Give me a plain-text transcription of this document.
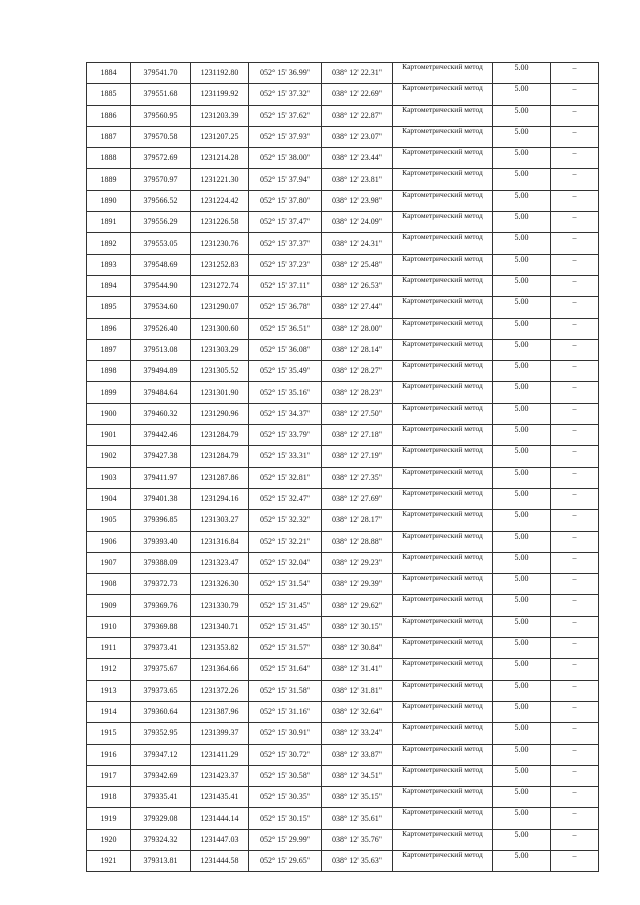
1884	379541.70	1231192.80	052° 15' 36.99"	038° 12' 22.31"	Картометрический метод	5.00	–
1885	379551.68	1231199.92	052° 15' 37.32"	038° 12' 22.69"	Картометрический метод	5.00	–
1886	379560.95	1231203.39	052° 15' 37.62"	038° 12' 22.87"	Картометрический метод	5.00	–
1887	379570.58	1231207.25	052° 15' 37.93"	038° 12' 23.07"	Картометрический метод	5.00	–
1888	379572.69	1231214.28	052° 15' 38.00"	038° 12' 23.44"	Картометрический метод	5.00	–
1889	379570.97	1231221.30	052° 15' 37.94"	038° 12' 23.81"	Картометрический метод	5.00	–
1890	379566.52	1231224.42	052° 15' 37.80"	038° 12' 23.98"	Картометрический метод	5.00	–
1891	379556.29	1231226.58	052° 15' 37.47"	038° 12' 24.09"	Картометрический метод	5.00	–
1892	379553.05	1231230.76	052° 15' 37.37"	038° 12' 24.31"	Картометрический метод	5.00	–
1893	379548.69	1231252.83	052° 15' 37.23"	038° 12' 25.48"	Картометрический метод	5.00	–
1894	379544.90	1231272.74	052° 15' 37.11"	038° 12' 26.53"	Картометрический метод	5.00	–
1895	379534.60	1231290.07	052° 15' 36.78"	038° 12' 27.44"	Картометрический метод	5.00	–
1896	379526.40	1231300.60	052° 15' 36.51"	038° 12' 28.00"	Картометрический метод	5.00	–
1897	379513.08	1231303.29	052° 15' 36.08"	038° 12' 28.14"	Картометрический метод	5.00	–
1898	379494.89	1231305.52	052° 15' 35.49"	038° 12' 28.27"	Картометрический метод	5.00	–
1899	379484.64	1231301.90	052° 15' 35.16"	038° 12' 28.23"	Картометрический метод	5.00	–
1900	379460.32	1231290.96	052° 15' 34.37"	038° 12' 27.50"	Картометрический метод	5.00	–
1901	379442.46	1231284.79	052° 15' 33.79"	038° 12' 27.18"	Картометрический метод	5.00	–
1902	379427.38	1231284.79	052° 15' 33.31"	038° 12' 27.19"	Картометрический метод	5.00	–
1903	379411.97	1231287.86	052° 15' 32.81"	038° 12' 27.35"	Картометрический метод	5.00	–
1904	379401.38	1231294.16	052° 15' 32.47"	038° 12' 27.69"	Картометрический метод	5.00	–
1905	379396.85	1231303.27	052° 15' 32.32"	038° 12' 28.17"	Картометрический метод	5.00	–
1906	379393.40	1231316.84	052° 15' 32.21"	038° 12' 28.88"	Картометрический метод	5.00	–
1907	379388.09	1231323.47	052° 15' 32.04"	038° 12' 29.23"	Картометрический метод	5.00	–
1908	379372.73	1231326.30	052° 15' 31.54"	038° 12' 29.39"	Картометрический метод	5.00	–
1909	379369.76	1231330.79	052° 15' 31.45"	038° 12' 29.62"	Картометрический метод	5.00	–
1910	379369.88	1231340.71	052° 15' 31.45"	038° 12' 30.15"	Картометрический метод	5.00	–
1911	379373.41	1231353.82	052° 15' 31.57"	038° 12' 30.84"	Картометрический метод	5.00	–
1912	379375.67	1231364.66	052° 15' 31.64"	038° 12' 31.41"	Картометрический метод	5.00	–
1913	379373.65	1231372.26	052° 15' 31.58"	038° 12' 31.81"	Картометрический метод	5.00	–
1914	379360.64	1231387.96	052° 15' 31.16"	038° 12' 32.64"	Картометрический метод	5.00	–
1915	379352.95	1231399.37	052° 15' 30.91"	038° 12' 33.24"	Картометрический метод	5.00	–
1916	379347.12	1231411.29	052° 15' 30.72"	038° 12' 33.87"	Картометрический метод	5.00	–
1917	379342.69	1231423.37	052° 15' 30.58"	038° 12' 34.51"	Картометрический метод	5.00	–
1918	379335.41	1231435.41	052° 15' 30.35"	038° 12' 35.15"	Картометрический метод	5.00	–
1919	379329.08	1231444.14	052° 15' 30.15"	038° 12' 35.61"	Картометрический метод	5.00	–
1920	379324.32	1231447.03	052° 15' 29.99"	038° 12' 35.76"	Картометрический метод	5.00	–
1921	379313.81	1231444.58	052° 15' 29.65"	038° 12' 35.63"	Картометрический метод	5.00	–
